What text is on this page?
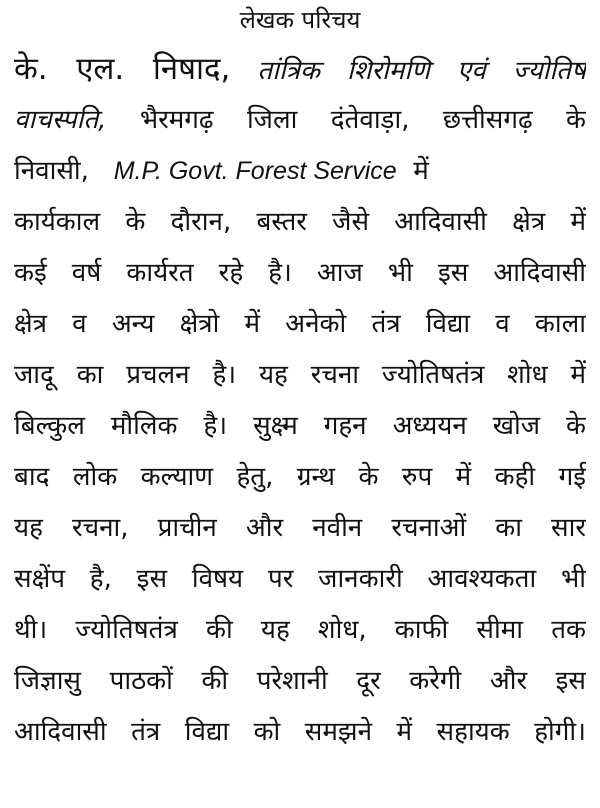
लेखक परिचय
के. एल. निषाद, तांत्रिक शिरोमणि एवं ज्योतिष
वाचस्पति, भैरमगढ़ जिला दंतेवाड़ा, छत्तीसगढ़ के
निवासी, M.P. Govt. Forest Service में
कार्यकाल के दौरान, बस्तर जैसे आदिवासी क्षेत्र में
कई वर्ष कार्यरत रहे है। आज भी इस आदिवासी
क्षेत्र व अन्य क्षेत्रो में अनेको तंत्र विद्या व काला
जादू का प्रचलन है। यह रचना ज्योतिषतंत्र शोध में
बिल्कुल मौलिक है। सुक्ष्म गहन अध्ययन खोज के
बाद लोक कल्याण हेतु, ग्रन्थ के रुप में कही गई
यह रचना, प्राचीन और नवीन रचनाओं का सार
सक्षेंप है, इस विषय पर जानकारी आवश्यकता भी
थी। ज्योतिषतंत्र की यह शोध, काफी सीमा तक
जिज्ञासु पाठकों की परेशानी दूर करेगी और इस
आदिवासी तंत्र विद्या को समझने में सहायक होगी।
